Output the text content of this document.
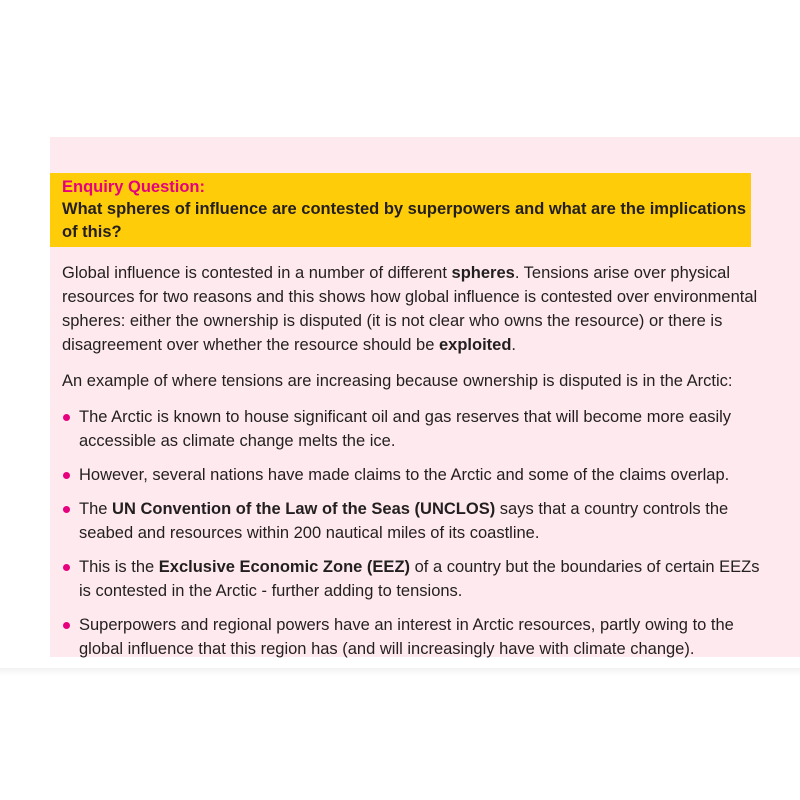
Enquiry Question:
What spheres of influence are contested by superpowers and what are the implications of this?

Global influence is contested in a number of different spheres. Tensions arise over physical resources for two reasons and this shows how global influence is contested over environmental spheres: either the ownership is disputed (it is not clear who owns the resource) or there is disagreement over whether the resource should be exploited.

An example of where tensions are increasing because ownership is disputed is in the Arctic:

The Arctic is known to house significant oil and gas reserves that will become more easily accessible as climate change melts the ice.
However, several nations have made claims to the Arctic and some of the claims overlap.
The UN Convention of the Law of the Seas (UNCLOS) says that a country controls the seabed and resources within 200 nautical miles of its coastline.
This is the Exclusive Economic Zone (EEZ) of a country but the boundaries of certain EEZs is contested in the Arctic - further adding to tensions.
Superpowers and regional powers have an interest in Arctic resources, partly owing to the global influence that this region has (and will increasingly have with climate change).
